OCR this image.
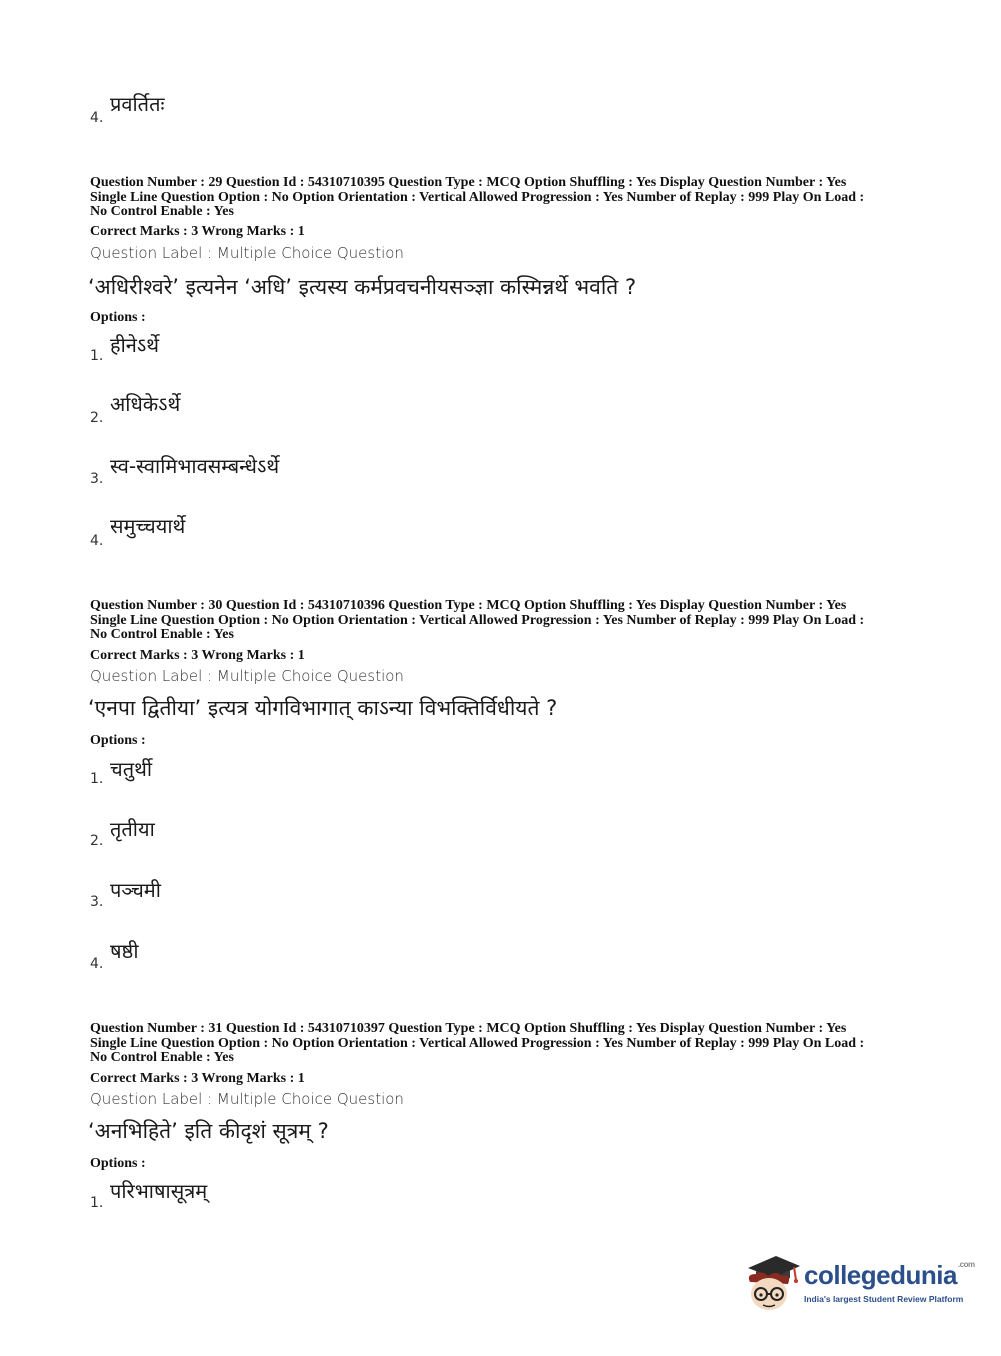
4.
प्रवर्तितः
Question Number : 29 Question Id : 54310710395 Question Type : MCQ Option Shuffling : Yes Display Question Number : Yes
Single Line Question Option : No Option Orientation : Vertical Allowed Progression : Yes Number of Replay : 999 Play On Load :
No Control Enable : Yes
Correct Marks : 3 Wrong Marks : 1
Question Label : Multiple Choice Question
‘अधिरीश्वरे’ इत्यनेन ‘अधि’ इत्यस्य कर्मप्रवचनीयसञ्ज्ञा कस्मिन्नर्थे भवति ?
Options :
1. हीनेऽर्थे
2.
अधिकेऽर्थे
3.
स्व-स्वामिभावसम्बन्धेऽर्थे
4.
समुच्चयार्थे
Question Number : 30 Question Id : 54310710396 Question Type : MCQ Option Shuffling : Yes Display Question Number : Yes
Single Line Question Option : No Option Orientation : Vertical Allowed Progression : Yes Number of Replay : 999 Play On Load :
No Control Enable : Yes
Correct Marks : 3 Wrong Marks : 1
Question Label : Multiple Choice Question
‘एनपा द्वितीया’ इत्यत्र योगविभागात् काऽन्या विभक्तिर्विधीयते ?
Options :
1. चतुर्थी
2. तृतीया
3. पञ्चमी
4.
षष्ठी
Question Number : 31 Question Id : 54310710397 Question Type : MCQ Option Shuffling : Yes Display Question Number : Yes
Single Line Question Option : No Option Orientation : Vertical Allowed Progression : Yes Number of Replay : 999 Play On Load :
No Control Enable : Yes
Correct Marks : 3 Wrong Marks : 1
Question Label : Multiple Choice Question
‘अनभिहिते’ इति कीदृशं सूत्रम् ?
Options :
1. परिभाषासूत्रम्
collegedunia$^{.com}$
India's largest Student Review Platform
